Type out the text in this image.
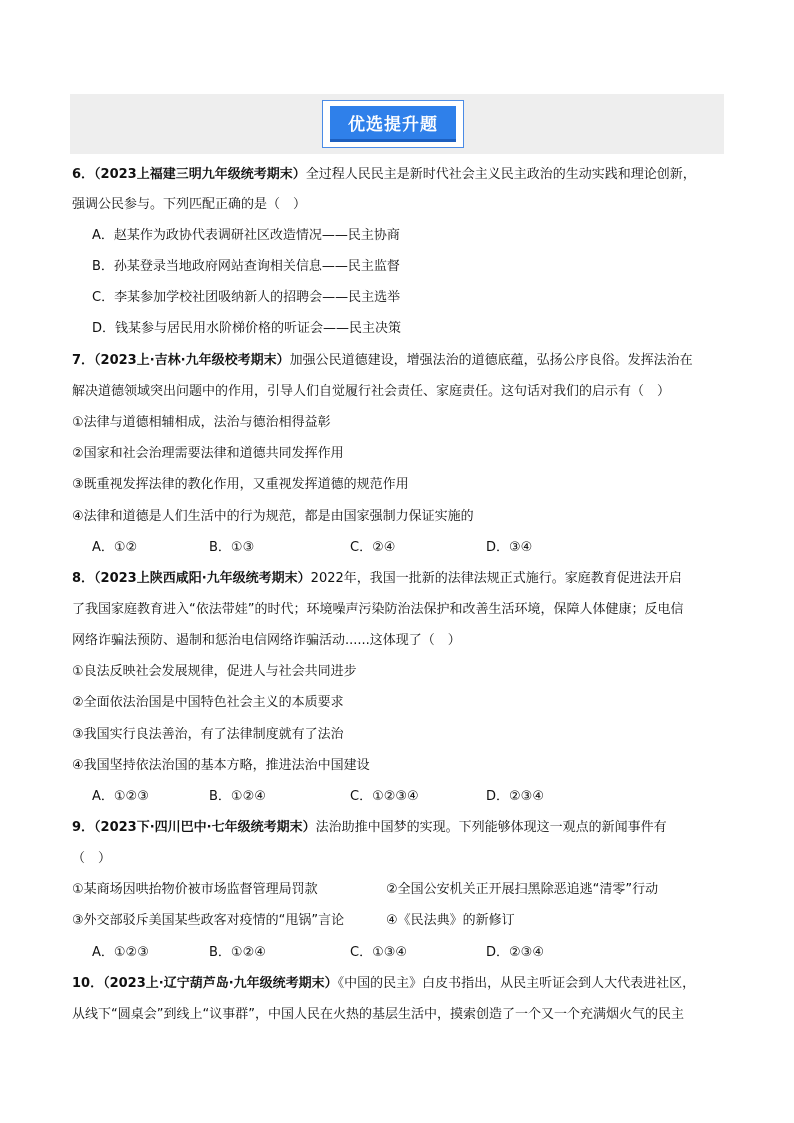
优选提升题
6．（2023上福建三明九年级统考期末）全过程人民民主是新时代社会主义民主政治的生动实践和理论创新，
强调公民参与。下列匹配正确的是（　）
A．赵某作为政协代表调研社区改造情况——民主协商
B．孙某登录当地政府网站查询相关信息——民主监督
C．李某参加学校社团吸纳新人的招聘会——民主选举
D．钱某参与居民用水阶梯价格的听证会——民主决策
7．（2023上·吉林·九年级校考期末）加强公民道德建设，增强法治的道德底蕴，弘扬公序良俗。发挥法治在
解决道德领域突出问题中的作用，引导人们自觉履行社会责任、家庭责任。这句话对我们的启示有（　）
①法律与道德相辅相成，法治与德治相得益彰
②国家和社会治理需要法律和道德共同发挥作用
③既重视发挥法律的教化作用，又重视发挥道德的规范作用
④法律和道德是人们生活中的行为规范，都是由国家强制力保证实施的
A．①②	B．①③	C．②④	D．③④
8．（2023上陕西咸阳·九年级统考期末）2022年，我国一批新的法律法规正式施行。家庭教育促进法开启
了我国家庭教育进入“依法带娃”的时代；环境噪声污染防治法保护和改善生活环境，保障人体健康；反电信
网络诈骗法预防、遏制和惩治电信网络诈骗活动......这体现了（　）
①良法反映社会发展规律，促进人与社会共同进步
②全面依法治国是中国特色社会主义的本质要求
③我国实行良法善治，有了法律制度就有了法治
④我国坚持依法治国的基本方略，推进法治中国建设
A．①②③	B．①②④	C．①②③④	D．②③④
9．（2023下·四川巴中·七年级统考期末）法治助推中国梦的实现。下列能够体现这一观点的新闻事件有
（　）
①某商场因哄抬物价被市场监督管理局罚款	②全国公安机关正开展扫黑除恶追逃“清零”行动
③外交部驳斥美国某些政客对疫情的“甩锅”言论	④《民法典》的新修订
A．①②③	B．①②④	C．①③④	D．②③④
10．（2023上·辽宁葫芦岛·九年级统考期末）《中国的民主》白皮书指出，从民主听证会到人大代表进社区，
从线下“圆桌会”到线上“议事群”，中国人民在火热的基层生活中，摸索创造了一个又一个充满烟火气的民主
